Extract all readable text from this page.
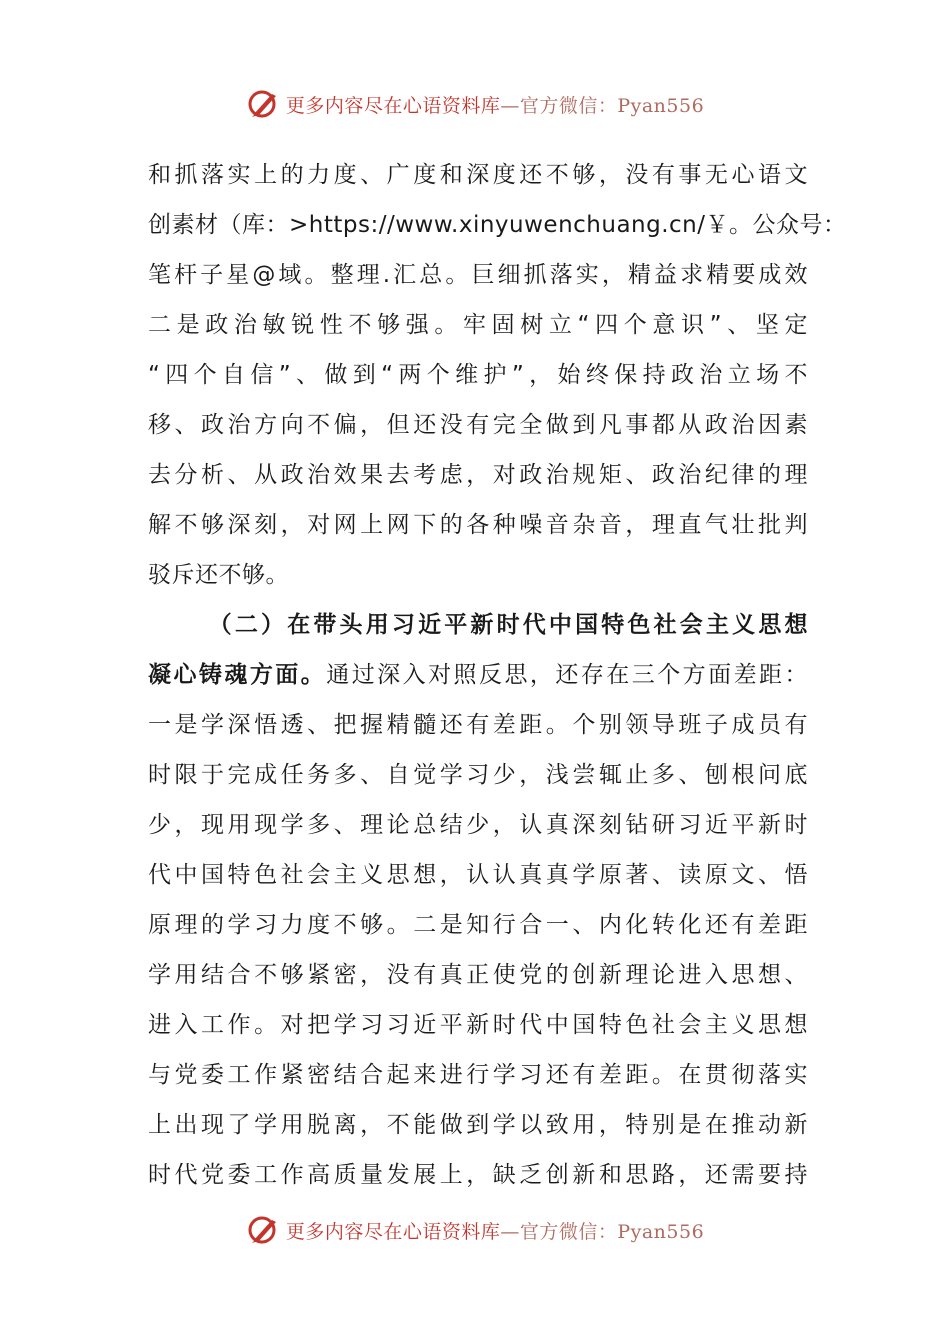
更多内容尽在心语资料库—官方微信：Pyan556
和抓落实上的力度、广度和深度还不够，没有事无心语文
创素材（库：>https://www.xinyuwenchuang.cn/￥。公众号：
笔杆子星@域。整理.汇总。巨细抓落实，精益求精要成效
二是政治敏锐性不够强。牢固树立“四个意识”、坚定
“四个自信”、做到“两个维护”，始终保持政治立场不
移、政治方向不偏，但还没有完全做到凡事都从政治因素
去分析、从政治效果去考虑，对政治规矩、政治纪律的理
解不够深刻，对网上网下的各种噪音杂音，理直气壮批判
驳斥还不够。
（二）在带头用习近平新时代中国特色社会主义思想
凝心铸魂方面。通过深入对照反思，还存在三个方面差距：
一是学深悟透、把握精髓还有差距。个别领导班子成员有
时限于完成任务多、自觉学习少，浅尝辄止多、刨根问底
少，现用现学多、理论总结少，认真深刻钻研习近平新时
代中国特色社会主义思想，认认真真学原著、读原文、悟
原理的学习力度不够。二是知行合一、内化转化还有差距
学用结合不够紧密，没有真正使党的创新理论进入思想、
进入工作。对把学习习近平新时代中国特色社会主义思想
与党委工作紧密结合起来进行学习还有差距。在贯彻落实
上出现了学用脱离，不能做到学以致用，特别是在推动新
时代党委工作高质量发展上，缺乏创新和思路，还需要持
更多内容尽在心语资料库—官方微信：Pyan556
